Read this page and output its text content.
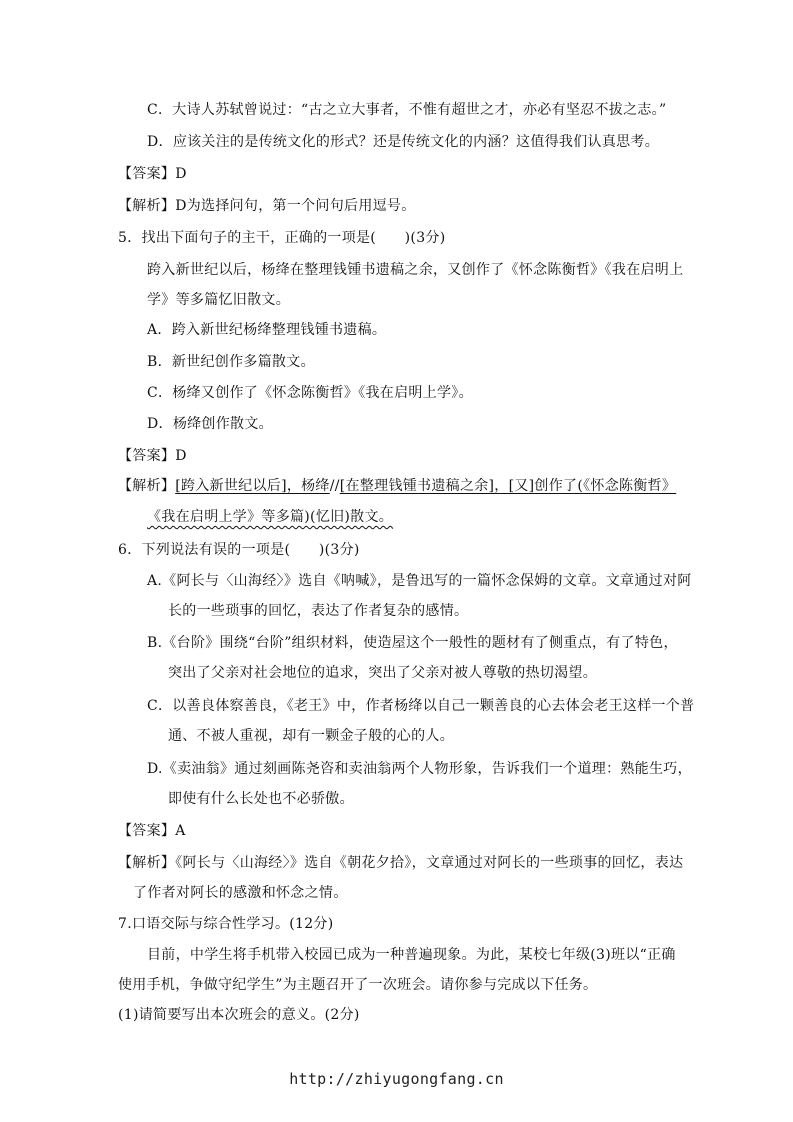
C．大诗人苏轼曾说过：“古之立大事者，不惟有超世之才，亦必有坚忍不拔之志。”
D．应该关注的是传统文化的形式？还是传统文化的内涵？这值得我们认真思考。
【答案】D
【解析】D为选择问句，第一个问句后用逗号。
5．找出下面句子的主干，正确的一项是(　　)(3分)
跨入新世纪以后，杨绛在整理钱锺书遗稿之余，又创作了《怀念陈衡哲》《我在启明上
学》等多篇忆旧散文。
A．跨入新世纪杨绛整理钱锺书遗稿。
B．新世纪创作多篇散文。
C．杨绛又创作了《怀念陈衡哲》《我在启明上学》。
D．杨绛创作散文。
【答案】D
【解析】[跨入新世纪以后]，杨绛//[在整理钱锺书遗稿之余]，[又]创作了(《怀念陈衡哲》
《我在启明上学》等多篇)(忆旧)散文。
6．下列说法有误的一项是(　　)(3分)
A.《阿长与〈山海经〉》选自《呐喊》，是鲁迅写的一篇怀念保姆的文章。文章通过对阿
长的一些琐事的回忆，表达了作者复杂的感情。
B.《台阶》围绕“台阶”组织材料，使造屋这个一般性的题材有了侧重点，有了特色，
突出了父亲对社会地位的追求，突出了父亲对被人尊敬的热切渴望。
C．以善良体察善良，《老王》中，作者杨绛以自己一颗善良的心去体会老王这样一个普
通、不被人重视，却有一颗金子般的心的人。
D.《卖油翁》通过刻画陈尧咨和卖油翁两个人物形象，告诉我们一个道理：熟能生巧，
即使有什么长处也不必骄傲。
【答案】A
【解析】《阿长与〈山海经〉》选自《朝花夕拾》，文章通过对阿长的一些琐事的回忆，表达
了作者对阿长的感激和怀念之情。
7.口语交际与综合性学习。(12分)
目前，中学生将手机带入校园已成为一种普遍现象。为此，某校七年级(3)班以“正确
使用手机，争做守纪学生”为主题召开了一次班会。请你参与完成以下任务。
(1)请简要写出本次班会的意义。(2分)
http://zhiyugongfang.cn
